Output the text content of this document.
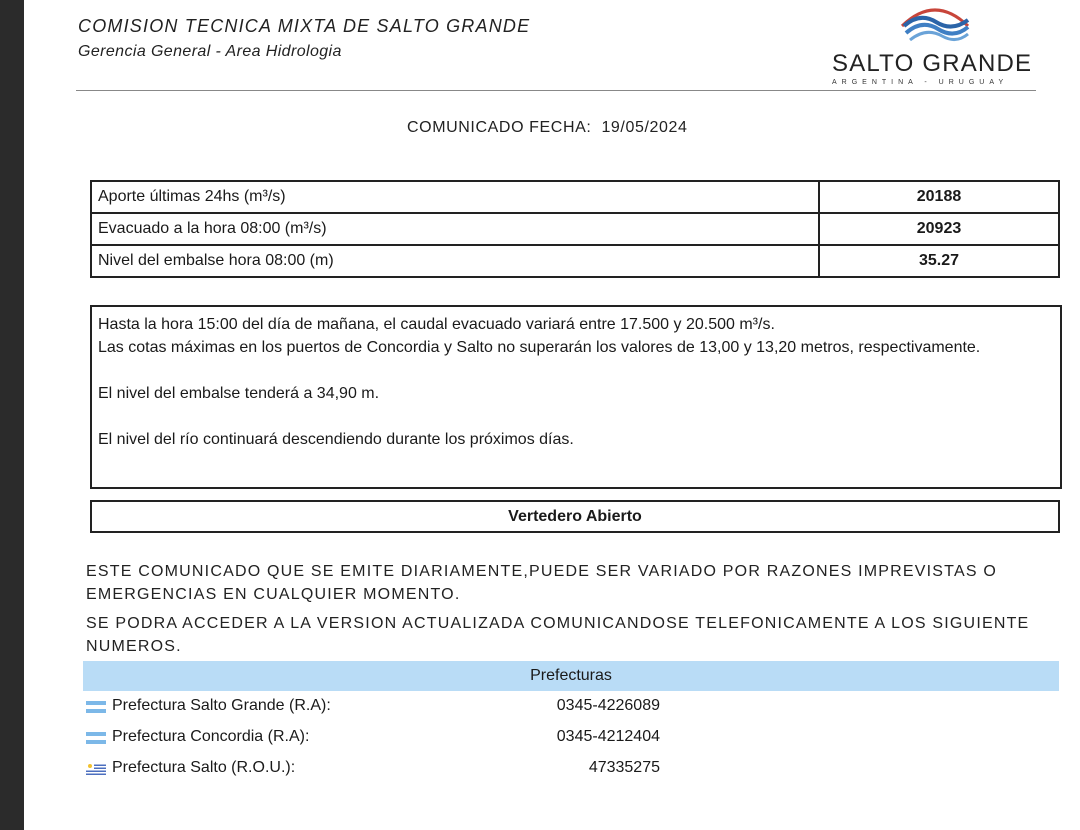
COMISION TECNICA MIXTA DE SALTO GRANDE
Gerencia General - Area Hidrologia	SALTO GRANDE
ARGENTINA - URUGUAY
COMUNICADO FECHA: 19/05/2024
Aporte últimas 24hs (m³/s)	20188
Evacuado a la hora 08:00 (m³/s)	20923
Nivel del embalse hora 08:00 (m)	35.27

Hasta la hora 15:00 del día de mañana, el caudal evacuado variará entre 17.500 y 20.500 m³/s.

Las cotas máximas en los puertos de Concordia y Salto no superarán los valores de 13,00 y 13,20 metros, respectivamente.

El nivel del embalse tenderá a 34,90 m.

El nivel del río continuará descendiendo durante los próximos días.

Vertedero Abierto
ESTE COMUNICADO QUE SE EMITE DIARIAMENTE,PUEDE SER VARIADO POR RAZONES IMPREVISTAS O EMERGENCIAS EN CUALQUIER MOMENTO.
SE PODRA ACCEDER A LA VERSION ACTUALIZADA COMUNICANDOSE TELEFONICAMENTE A LOS SIGUIENTE NUMEROS.
Prefecturas
Prefectura Salto Grande (R.A):	0345-4226089
Prefectura Concordia (R.A):	0345-4212404
Prefectura Salto (R.O.U.):	47335275
